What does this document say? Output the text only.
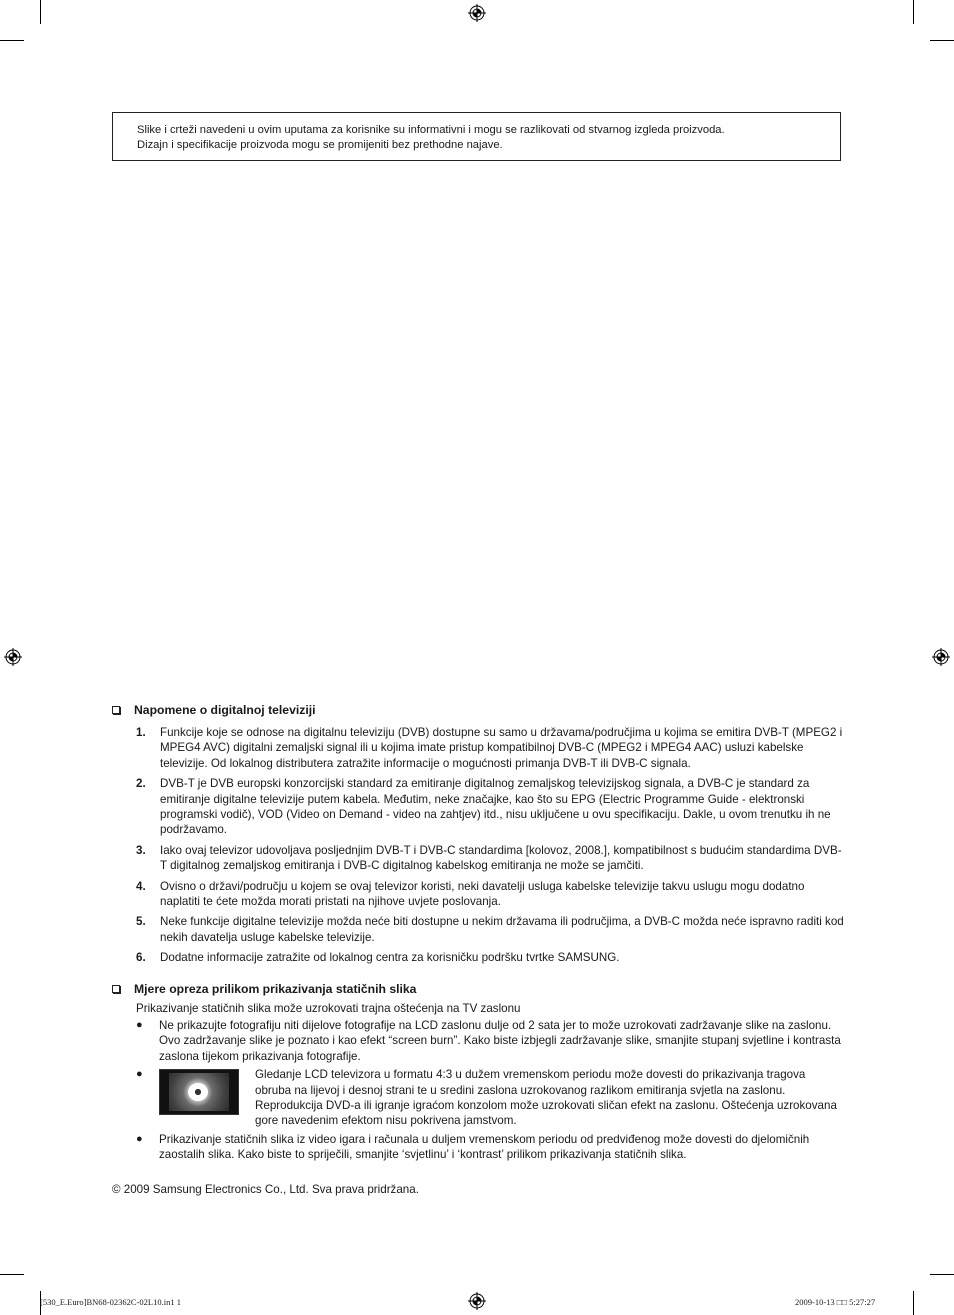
Slike i crteži navedeni u ovim uputama za korisnike su informativni i mogu se razlikovati od stvarnog izgleda proizvoda.
Dizajn i specifikacije proizvoda mogu se promijeniti bez prethodne najave.
Napomene o digitalnoj televiziji
1.	Funkcije koje se odnose na digitalnu televiziju (DVB) dostupne su samo u državama/područjima u kojima se emitira DVB-T (MPEG2 i MPEG4 AVC) digitalni zemaljski signal ili u kojima imate pristup kompatibilnoj DVB-C (MPEG2 i MPEG4 AAC) usluzi kabelske televizije. Od lokalnog distributera zatražite informacije o mogućnosti primanja DVB-T ili DVB-C signala.
2.	DVB-T je DVB europski konzorcijski standard za emitiranje digitalnog zemaljskog televizijskog signala, a DVB-C je standard za emitiranje digitalne televizije putem kabela. Međutim, neke značajke, kao što su EPG (Electric Programme Guide - elektronski programski vodič), VOD (Video on Demand - video na zahtjev) itd., nisu uključene u ovu specifikaciju. Dakle, u ovom trenutku ih ne podržavamo.
3.	Iako ovaj televizor udovoljava posljednjim DVB-T i DVB-C standardima [kolovoz, 2008.], kompatibilnost s budućim standardima DVB-T digitalnog zemaljskog emitiranja i DVB-C digitalnog kabelskog emitiranja ne može se jamčiti.
4.	Ovisno o državi/području u kojem se ovaj televizor koristi, neki davatelji usluga kabelske televizije takvu uslugu mogu dodatno naplatiti te ćete možda morati pristati na njihove uvjete poslovanja.
5.	Neke funkcije digitalne televizije možda neće biti dostupne u nekim državama ili područjima, a DVB-C možda neće ispravno raditi kod nekih davatelja usluge kabelske televizije.
6.	Dodatne informacije zatražite od lokalnog centra za korisničku podršku tvrtke SAMSUNG.
Mjere opreza prilikom prikazivanja statičnih slika
Prikazivanje statičnih slika može uzrokovati trajna oštećenja na TV zaslonu
●	Ne prikazujte fotografiju niti dijelove fotografije na LCD zaslonu dulje od 2 sata jer to može uzrokovati zadržavanje slike na zaslonu. Ovo zadržavanje slike je poznato i kao efekt “screen burn”. Kako biste izbjegli zadržavanje slike, smanjite stupanj svjetline i kontrasta zaslona tijekom prikazivanja fotografije.
●	Gledanje LCD televizora u formatu 4:3 u dužem vremenskom periodu može dovesti do prikazivanja tragova obruba na lijevoj i desnoj strani te u sredini zaslona uzrokovanog razlikom emitiranja svjetla na zaslonu. Reprodukcija DVD-a ili igranje igraćom konzolom može uzrokovati sličan efekt na zaslonu. Oštećenja uzrokovana gore navedenim efektom nisu pokrivena jamstvom.
●	Prikazivanje statičnih slika iz video igara i računala u duljem vremenskom periodu od predviđenog može dovesti do djelomičnih zaostalih slika. Kako biste to spriječili, smanjite ‘svjetlinu’ i ‘kontrast’ prilikom prikazivanja statičnih slika.
© 2009 Samsung Electronics Co., Ltd. Sva prava pridržana.
[530_E.Euro]BN68-02362C-02L10.in1 1	2009-10-13 □□ 5:27:27
